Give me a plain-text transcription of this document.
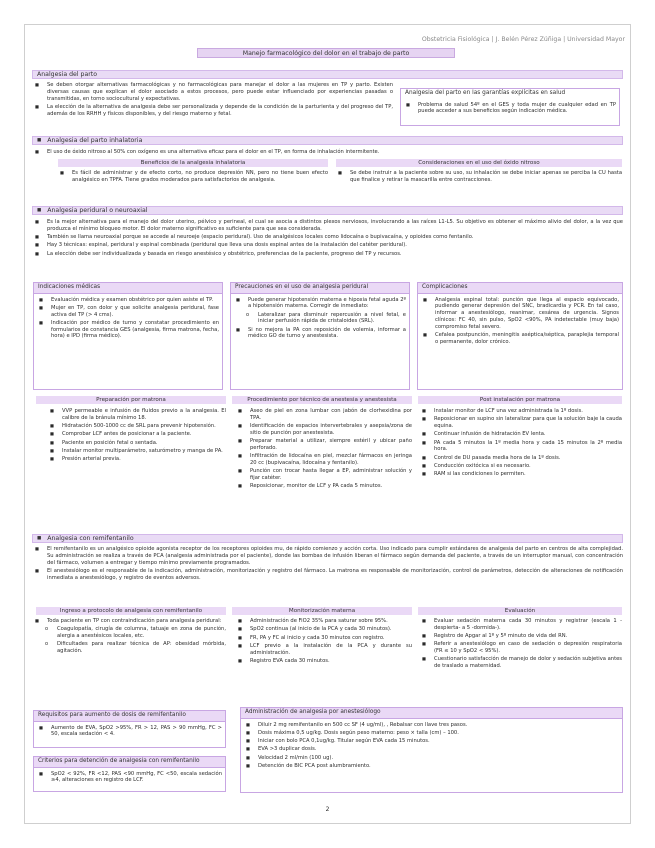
Obstetricia Fisiológica | J. Belén Pérez Zúñiga | Universidad Mayor
Manejo farmacológico del dolor en el trabajo de parto
Analgesia del parto
■ Se deben otorgar alternativas farmacológicas y no farmacológicas para manejar el dolor a las mujeres en TP y parto. Existen diversas causas que explican el dolor asociado a estos procesos, pero puede estar influenciado por experiencias pasadas o transmitidas, en torno sociocultural y expectativas.
■ La elección de la alternativa de analgesia debe ser personalizada y depende de la condición de la parturienta y del progreso del TP, además de los RRHH y físicos disponibles, y del riesgo materno y fetal.
Analgesia del parto en las garantías explícitas en salud
■ Problema de salud 54º en el GES y toda mujer de cualquier edad en TP puede acceder a sus beneficios según indicación médica.
■ Analgesia del parto inhalatoria
■ El uso de óxido nitroso al 50% con oxígeno es una alternativa eficaz para el dolor en el TP, en forma de inhalación intermitente.
Beneficios de la analgesia inhalatoria	Consideraciones en el uso del óxido nitroso
■ Es fácil de administrar y de efecto corto, no produce depresión NN, pero no tiene buen efecto analgésico en TPFA. Tiene grados moderados para satisfactorios de analgesia.
■ Se debe instruir a la paciente sobre su uso, su inhalación se debe iniciar apenas se perciba la CU hasta que finalice y retirar la mascarilla entre contracciones.
■ Analgesia peridural o neuroaxial
■ Es la mejor alternativa para el manejo del dolor uterino, pélvico y perineal, el cual se asocia a distintos plexos nerviosos, involucrando a las raíces L1-L5. Su objetivo es obtener el máximo alivio del dolor, a la vez que produzca el mínimo bloqueo motor. El dolor materno significativo es suficiente para que sea considerada.
■ También se llama neuroaxial porque se accede al neuroeje (espacio peridural). Uso de analgésicos locales como lidocaína o bupivacaína, y opioides como fentanilo.
■ Hay 3 técnicas: espinal, peridural y espinal combinada (peridural que lleva una dosis espinal antes de la instalación del catéter peridural).
■ La elección debe ser individualizada y basada en riesgo anestésico y obstétrico, preferencias de la paciente, progreso del TP y recursos.
Indicaciones médicas
■ Evaluación médica y examen obstétrico por quien asiste el TP.
■ Mujer en TP, con dolor y que solicite analgesia peridural, fase activa del TP (> 4 cms).
■ Indicación por médico de turno y constatar procedimiento en formularios de constancia GES (analgesia, firma matrona, fecha, hora) e IPD (firma médico).
Precauciones en el uso de analgesia peridural
■ Puede generar hipotensión materna e hipoxia fetal aguda 2º a hipotensión materna. Corregir de inmediato:
o Lateralizar para disminuir repercusión a nivel fetal, e iniciar perfusión rápida de cristaloides (SRL).
■ Si no mejora la PA con reposición de volemia, informar a médico GO de turno y anestesista.
Complicaciones
■ Analgesia espinal total: punción que llega al espacio equivocado, pudiendo generar depresión del SNC, bradicardia y PCR. En tal caso, informar a anestesiólogo, reanimar, cesárea de urgencia. Signos clínicos: FC 40, sin pulso, SpO2 <90%, PA indetectable (muy baja) compromiso fetal severo.
■ Cefalea postpunción, meningitis aséptica/séptica, paraplejia temporal o permanente, dolor crónico.
Preparación por matrona	Procedimiento por técnico de anestesia y anestesista	Post instalación por matrona
■ VVP permeable e infusión de fluidos previo a la analgesia. El calibre de la bránula mínimo 18.
■ Hidratación 500-1000 cc de SRL para prevenir hipotensión.
■ Comprobar LCF antes de posicionar a la paciente.
■ Paciente en posición fetal o sentada.
■ Instalar monitor multiparámetro, saturómetro y manga de PA.
■ Presión arterial previa.
■ Aseo de piel en zona lumbar con jabón de clorhexidina por TPA.
■ Identificación de espacios intervertebrales y asepsia/zona de sitio de punción por anestesista.
■ Preparar material a utilizar, siempre estéril y ubicar paño perforado.
■ Infiltración de lidocaína en piel, mezclar fármacos en jeringa 20 cc (bupivacaína, lidocaína y fentanilo).
■ Punción con trocar hasta llegar a EP, administrar solución y fijar catéter.
■ Reposicionar, monitor de LCF y PA cada 5 minutos.
■ Instalar monitor de LCF una vez administrada la 1º dosis.
■ Reposicionar en supino sin lateralizar para que la solución baje la cauda equina.
■ Continuar infusión de hidratación EV lenta.
■ PA cada 5 minutos la 1º media hora y cada 15 minutos la 2º media hora.
■ Control de DU pasada media hora de la 1º dosis.
■ Conducción oxitócica si es necesario.
■ RAM si las condiciones lo permiten.
■ Analgesia con remifentanilo
■ El remifentanilo es un analgésico opioide agonista receptor de los receptores opioides mu, de rápido comienzo y acción corta. Uso indicado para cumplir estándares de analgesia del parto en centros de alta complejidad. Su administración se realiza a través de PCA (analgesia administrada por el paciente), donde las bombas de infusión liberan el fármaco según demanda del paciente, a través de un interruptor manual, con concentración del fármaco, volumen a entregar y tiempo mínimo previamente programados.
■ El anestesiólogo es el responsable de la indicación, administración, monitorización y registro del fármaco. La matrona es responsable de monitorización, control de parámetros, detección de alteraciones de notificación inmediata a anestesiólogo, y registro de eventos adversos.
Ingreso a protocolo de analgesia con remifentanilo	Monitorización materna	Evaluación
■ Toda paciente en TP con contraindicación para analgesia peridural:
o Coagulopatía, cirugía de columna, tatuaje en zona de punción, alergia a anestésicos locales, etc.
o Dificultades para realizar técnica de AP: obesidad mórbida, agitación.
■ Administración de FiO2 35% para saturar sobre 95%.
■ SpO2 continua (al inicio de la PCA y cada 30 minutos).
■ FR, PA y FC al inicio y cada 30 minutos con registro.
■ LCF previo a la instalación de la PCA y durante su administración.
■ Registro EVA cada 30 minutos.
■ Evaluar sedación materna cada 30 minutos y registrar (escala 1 -despierta- a 5 -dormida-).
■ Registro de Apgar al 1º y 5º minuto de vida del RN.
■ Referir a anestesiólogo en caso de sedación o depresión respiratoria (FR ≤ 10 y SpO2 < 95%).
■ Cuestionario satisfacción de manejo de dolor y sedación subjetiva antes de traslado a maternidad.
Requisitos para aumento de dosis de remifentanilo
■ Aumento de EVA, SpO2 >95%, FR > 12, PAS > 90 mmHg, FC > 50, escala sedación < 4.
Criterios para detención de analgesia con remifentanilo
■ SpO2 < 92%, FR <12, PAS <90 mmHg, FC <50, escala sedación ≥4, alteraciones en registro de LCF.
Administración de analgesia por anestesiólogo
■ Diluir 2 mg remifentanilo en 500 cc SF (4 ug/ml), , Rebalsar con llave tres pasos.
■ Dosis máxima 0,5 ug/kg. Dosis según peso materno: peso × talla (cm) – 100.
■ Iniciar con bolo PCA 0,1ug/kg. Titular según EVA cada 15 minutos.
■ EVA >3 duplicar dosis.
■ Velocidad 2 ml/min (100 ug).
■ Detención de BIC PCA post alumbramiento.
2
